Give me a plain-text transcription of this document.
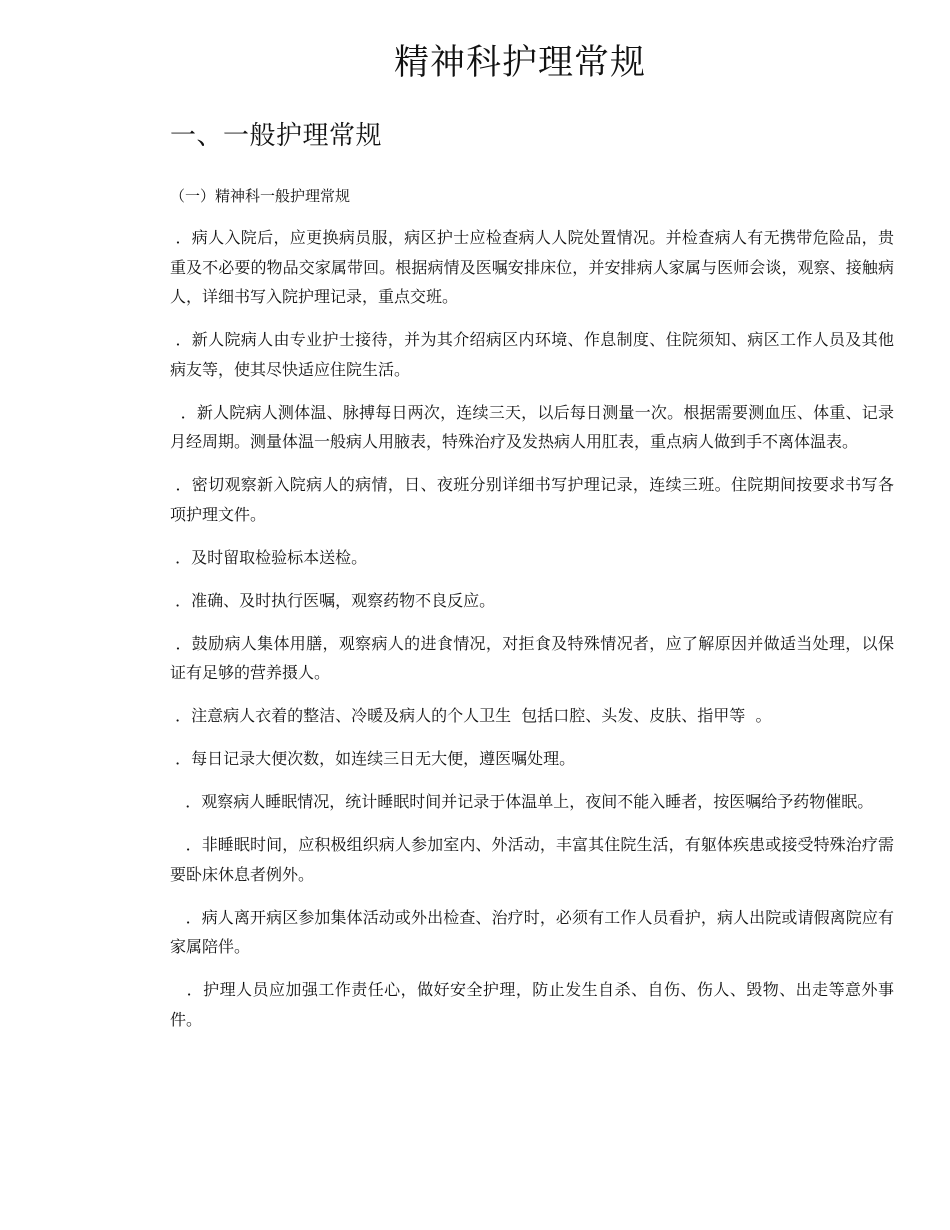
精神科护理常规
一、一般护理常规
（一）精神科一般护理常规
．病人入院后，应更换病员服，病区护士应检查病人人院处置情况。并检查病人有无携带危险品，贵重及不必要的物品交家属带回。根据病情及医嘱安排床位，并安排病人家属与医师会谈，观察、接触病人，详细书写入院护理记录，重点交班。
．新人院病人由专业护士接待，并为其介绍病区内环境、作息制度、住院须知、病区工作人员及其他病友等，使其尽快适应住院生活。
．新人院病人测体温、脉搏每日两次，连续三天，以后每日测量一次。根据需要测血压、体重、记录月经周期。测量体温一般病人用腋表，特殊治疗及发热病人用肛表，重点病人做到手不离体温表。
．密切观察新入院病人的病情，日、夜班分别详细书写护理记录，连续三班。住院期间按要求书写各项护理文件。
．及时留取检验标本送检。
．准确、及时执行医嘱，观察药物不良反应。
．鼓励病人集体用膳，观察病人的进食情况，对拒食及特殊情况者，应了解原因并做适当处理，以保证有足够的营养摄人。
．注意病人衣着的整洁、冷暖及病人的个人卫生  包括口腔、头发、皮肤、指甲等  。
．每日记录大便次数，如连续三日无大便，遵医嘱处理。
．观察病人睡眠情况，统计睡眠时间并记录于体温单上，夜间不能入睡者，按医嘱给予药物催眠。
．非睡眠时间，应积极组织病人参加室内、外活动，丰富其住院生活，有躯体疾患或接受特殊治疗需要卧床休息者例外。
．病人离开病区参加集体活动或外出检查、治疗时，必须有工作人员看护，病人出院或请假离院应有家属陪伴。
．护理人员应加强工作责任心，做好安全护理，防止发生自杀、自伤、伤人、毁物、出走等意外事件。
